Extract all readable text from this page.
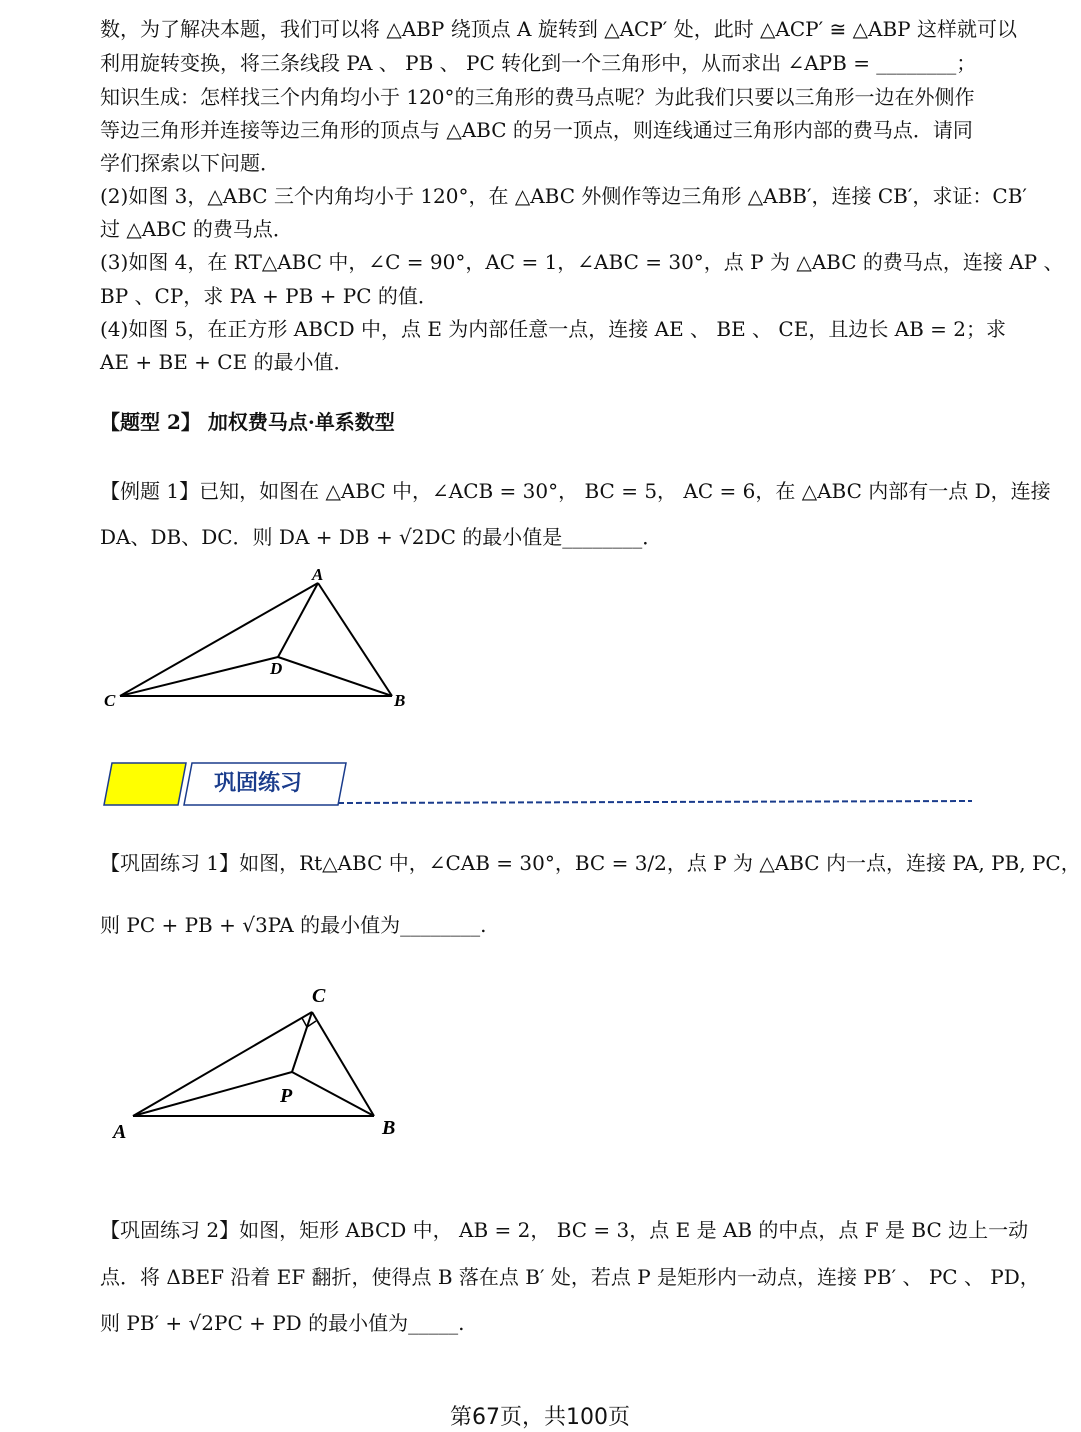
数，为了解决本题，我们可以将 △ABP 绕顶点 A 旋转到 △ACP′ 处，此时 △ACP′ ≅ △ABP 这样就可以
利用旋转变换，将三条线段 PA 、 PB 、 PC 转化到一个三角形中，从而求出 ∠APB = ________；
知识生成：怎样找三个内角均小于 120°的三角形的费马点呢？为此我们只要以三角形一边在外侧作
等边三角形并连接等边三角形的顶点与 △ABC 的另一顶点，则连线通过三角形内部的费马点．请同
学们探索以下问题．
(2)如图 3，△ABC 三个内角均小于 120°，在 △ABC 外侧作等边三角形 △ABB′，连接 CB′，求证：CB′
过 △ABC 的费马点．
(3)如图 4，在 RT△ABC 中，∠C = 90°，AC = 1，∠ABC = 30°，点 P 为 △ABC 的费马点，连接 AP 、
BP 、CP，求 PA + PB + PC 的值．
(4)如图 5，在正方形 ABCD 中，点 E 为内部任意一点，连接 AE 、 BE 、 CE，且边长 AB = 2；求
AE + BE + CE 的最小值．
【题型 2】 加权费马点·单系数型
【例题 1】已知，如图在 △ABC 中，∠ACB = 30°， BC = 5， AC = 6，在 △ABC 内部有一点 D，连接
DA、DB、DC．则 DA + DB + √2DC 的最小值是________．
A
D
C	B
巩固练习
【巩固练习 1】如图，Rt△ABC 中，∠CAB = 30°，BC = 3/2，点 P 为 △ABC 内一点，连接 PA, PB, PC，
则 PC + PB + √3PA 的最小值为________.
C
P
A	B
【巩固练习 2】如图，矩形 ABCD 中， AB = 2， BC = 3，点 E 是 AB 的中点，点 F 是 BC 边上一动
点．将 ΔBEF 沿着 EF 翻折，使得点 B 落在点 B′ 处，若点 P 是矩形内一动点，连接 PB′ 、 PC 、 PD，
则 PB′ + √2PC + PD 的最小值为_____.
第67页，共100页
